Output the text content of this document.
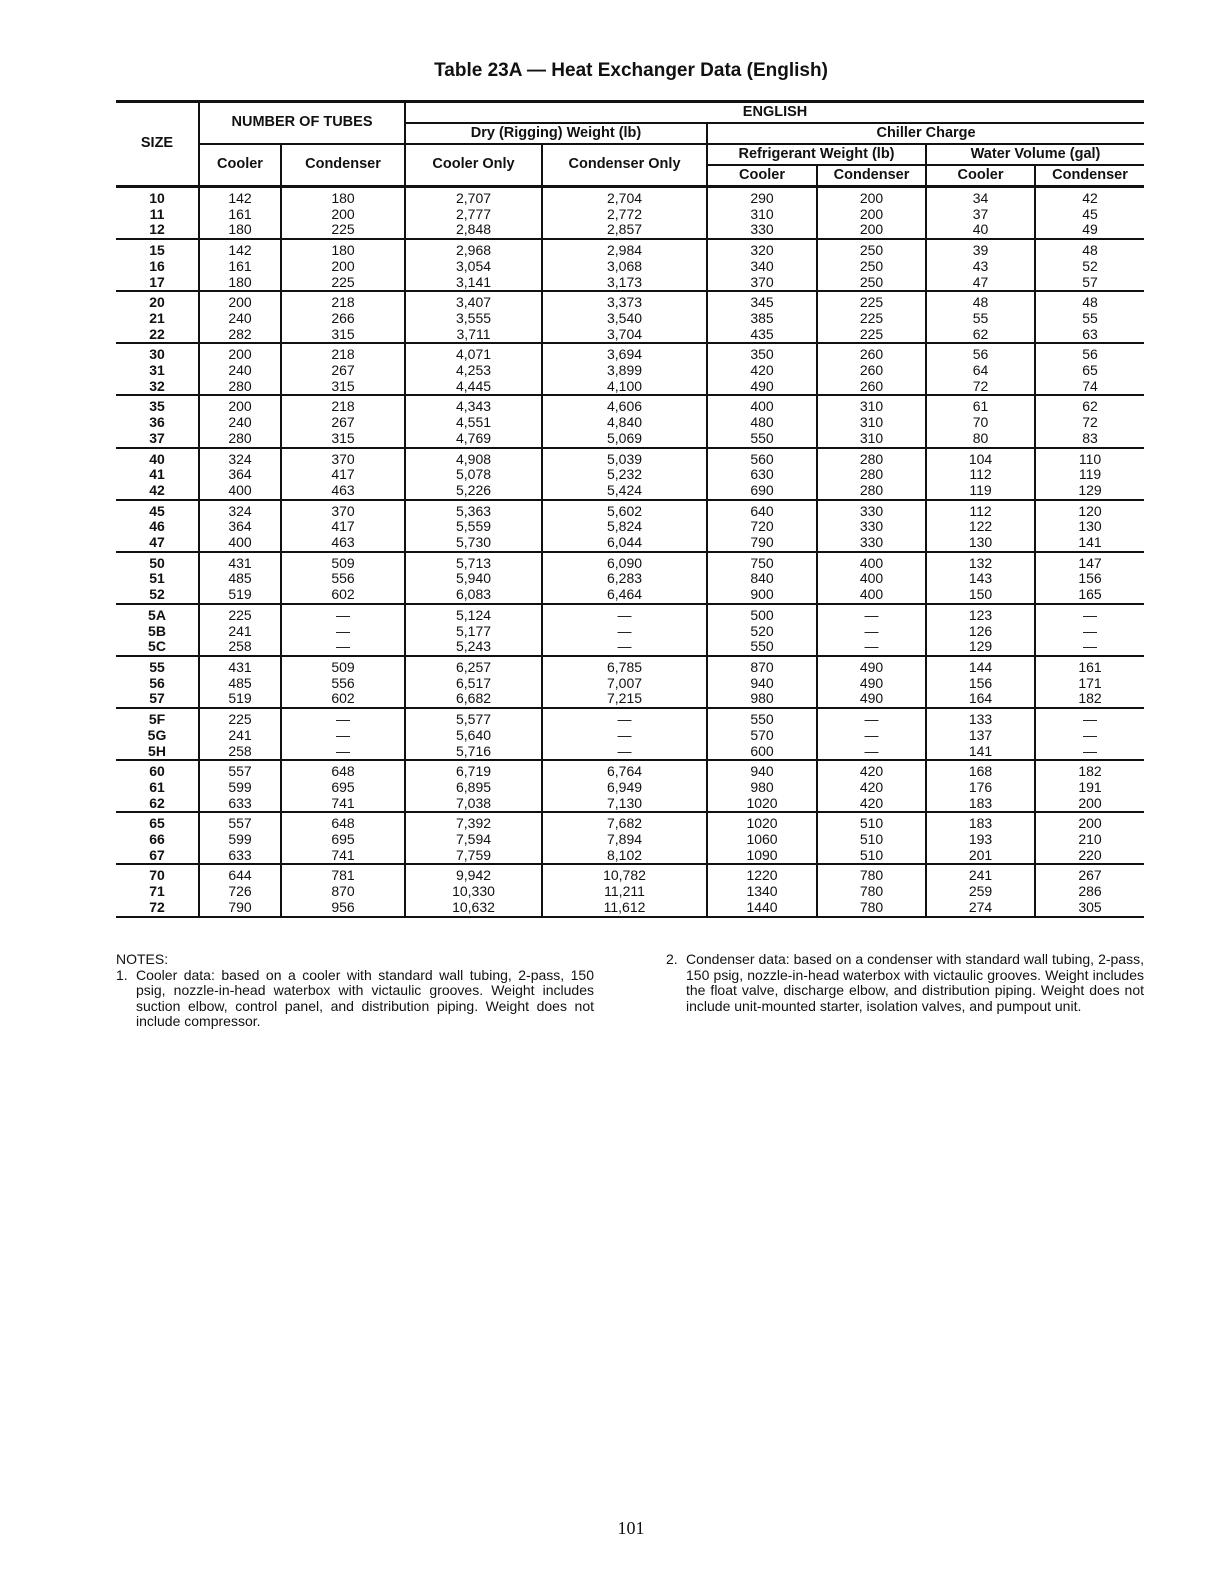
Table 23A — Heat Exchanger Data (English)
SIZE	NUMBER OF TUBES		ENGLISH					
			Dry (Rigging) Weight (lb)		Chiller Charge			
	Cooler	Condenser	Cooler Only	Condenser Only	Refrigerant Weight (lb)		Water Volume (gal)	
					Cooler	Condenser	Cooler	Condenser
10	142	180	2,707	2,704	290	200	34	42
11	161	200	2,777	2,772	310	200	37	45
12	180	225	2,848	2,857	330	200	40	49
15	142	180	2,968	2,984	320	250	39	48
16	161	200	3,054	3,068	340	250	43	52
17	180	225	3,141	3,173	370	250	47	57
20	200	218	3,407	3,373	345	225	48	48
21	240	266	3,555	3,540	385	225	55	55
22	282	315	3,711	3,704	435	225	62	63
30	200	218	4,071	3,694	350	260	56	56
31	240	267	4,253	3,899	420	260	64	65
32	280	315	4,445	4,100	490	260	72	74
35	200	218	4,343	4,606	400	310	61	62
36	240	267	4,551	4,840	480	310	70	72
37	280	315	4,769	5,069	550	310	80	83
40	324	370	4,908	5,039	560	280	104	110
41	364	417	5,078	5,232	630	280	112	119
42	400	463	5,226	5,424	690	280	119	129
45	324	370	5,363	5,602	640	330	112	120
46	364	417	5,559	5,824	720	330	122	130
47	400	463	5,730	6,044	790	330	130	141
50	431	509	5,713	6,090	750	400	132	147
51	485	556	5,940	6,283	840	400	143	156
52	519	602	6,083	6,464	900	400	150	165
5A	225	—	5,124	—	500	—	123	—
5B	241	—	5,177	—	520	—	126	—
5C	258	—	5,243	—	550	—	129	—
55	431	509	6,257	6,785	870	490	144	161
56	485	556	6,517	7,007	940	490	156	171
57	519	602	6,682	7,215	980	490	164	182
5F	225	—	5,577	—	550	—	133	—
5G	241	—	5,640	—	570	—	137	—
5H	258	—	5,716	—	600	—	141	—
60	557	648	6,719	6,764	940	420	168	182
61	599	695	6,895	6,949	980	420	176	191
62	633	741	7,038	7,130	1020	420	183	200
65	557	648	7,392	7,682	1020	510	183	200
66	599	695	7,594	7,894	1060	510	193	210
67	633	741	7,759	8,102	1090	510	201	220
70	644	781	9,942	10,782	1220	780	241	267
71	726	870	10,330	11,211	1340	780	259	286
72	790	956	10,632	11,612	1440	780	274	305

NOTES:

1. Cooler data: based on a cooler with standard wall tubing, 2-pass, 150 psig, nozzle-in-head waterbox with victaulic grooves. Weight includes suction elbow, control panel, and distribution piping. Weight does not include compressor.
2. Condenser data: based on a condenser with standard wall tubing, 2-pass, 150 psig, nozzle-in-head waterbox with victaulic grooves. Weight includes the float valve, discharge elbow, and distribution piping. Weight does not include unit-mounted starter, isolation valves, and pumpout unit.
101
